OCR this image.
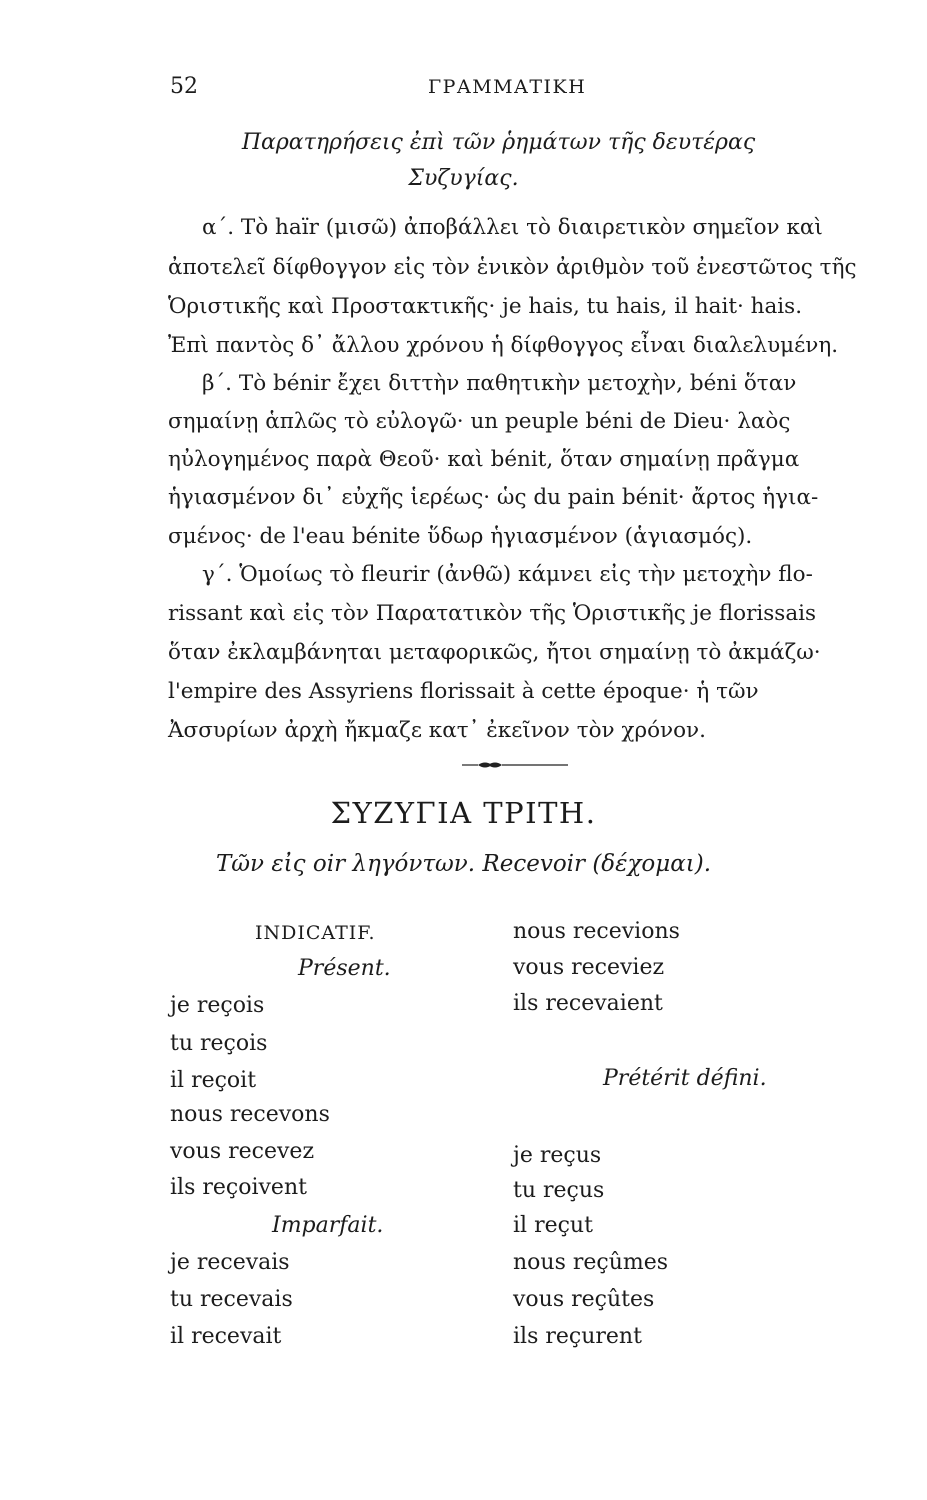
52	ΓΡΑΜΜΑΤΙΚΗ
Παρατηρήσεις ἐπὶ τῶν ῥημάτων τῆς δευτέρας
Συζυγίας.
α΄. Τὸ haïr (μισῶ) ἀποβάλλει τὸ διαιρετικὸν σημεῖον καὶ
ἀποτελεῖ δίφθογγον εἰς τὸν ἑνικὸν ἀριθμὸν τοῦ ἐνεστῶτος τῆς
Ὁριστικῆς καὶ Προστακτικῆς· je hais, tu hais, il hait· hais.
Ἐπὶ παντὸς δ᾿ ἄλλου χρόνου ἡ δίφθογγος εἶναι διαλελυμένη.
β΄. Τὸ bénir ἔχει διττὴν παθητικὴν μετοχὴν, béni ὅταν
σημαίνῃ ἁπλῶς τὸ εὐλογῶ· un peuple béni de Dieu· λαὸς
ηὐλογημένος παρὰ Θεοῦ· καὶ bénit, ὅταν σημαίνῃ πρᾶγμα
ἡγιασμένον δι᾿ εὐχῆς ἱερέως· ὡς du pain bénit· ἄρτος ἡγια-
σμένος· de l'eau bénite ὕδωρ ἡγιασμένον (ἁγιασμός).
γ΄. Ὁμοίως τὸ fleurir (ἀνθῶ) κάμνει εἰς τὴν μετοχὴν flo-
rissant καὶ εἰς τὸν Παρατατικὸν τῆς Ὁριστικῆς je florissais
ὅταν ἐκλαμβάνηται μεταφορικῶς, ἤτοι σημαίνῃ τὸ ἀκμάζω·
l'empire des Assyriens florissait à cette époque· ἡ τῶν
Ἀσσυρίων ἀρχὴ ἤκμαζε κατ᾿ ἐκεῖνον τὸν χρόνον.
ΣΥΖΥΓΙΑ ΤΡΙΤΗ.
Τῶν εἰς oir ληγόντων. Recevoir (δέχομαι).
INDICATIF.
Présent.
je reçois
tu reçois
il reçoit
nous recevons
vous recevez
ils reçoivent
Imparfait.
je recevais
tu recevais
il recevait
nous recevions
vous receviez
ils recevaient
Prétérit défini.
je reçus
tu reçus
il reçut
nous reçûmes
vous reçûtes
ils reçurent
